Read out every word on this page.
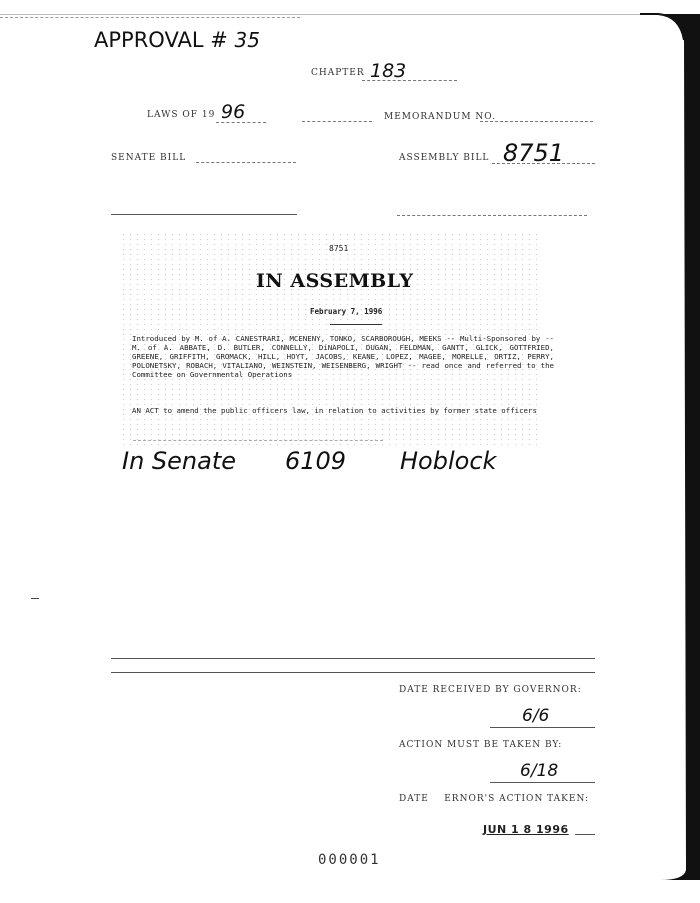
APPROVAL # 35
CHAPTER 183
LAWS OF 19 96	MEMORANDUM NO.
SENATE BILL	ASSEMBLY BILL 8751
8751
IN ASSEMBLY
February 7, 1996
Introduced by M. of A. CANESTRARI, MCENENY, TONKO, SCARBOROUGH, MEEKS -- Multi-Sponsored by -- M. of A. ABBATE, D. BUTLER, CONNELLY, DiNAPOLI, DUGAN, FELDMAN, GANTT, GLICK, GOTTFRIED, GREENE, GRIFFITH, GROMACK, HILL, HOYT, JACOBS, KEANE, LOPEZ, MAGEE, MORELLE, ORTIZ, PERRY, POLONETSKY, ROBACH, VITALIANO, WEINSTEIN, WEISENBERG, WRIGHT -- read once and referred to the Committee on Governmental Operations
AN ACT to amend the public officers law, in relation to activities by former state officers
In Senate 6109 Hoblock
DATE RECEIVED BY GOVERNOR:
6/6
ACTION MUST BE TAKEN BY:
6/18
DATE    ERNOR'S ACTION TAKEN:
JUN 1 8 1996
000001
